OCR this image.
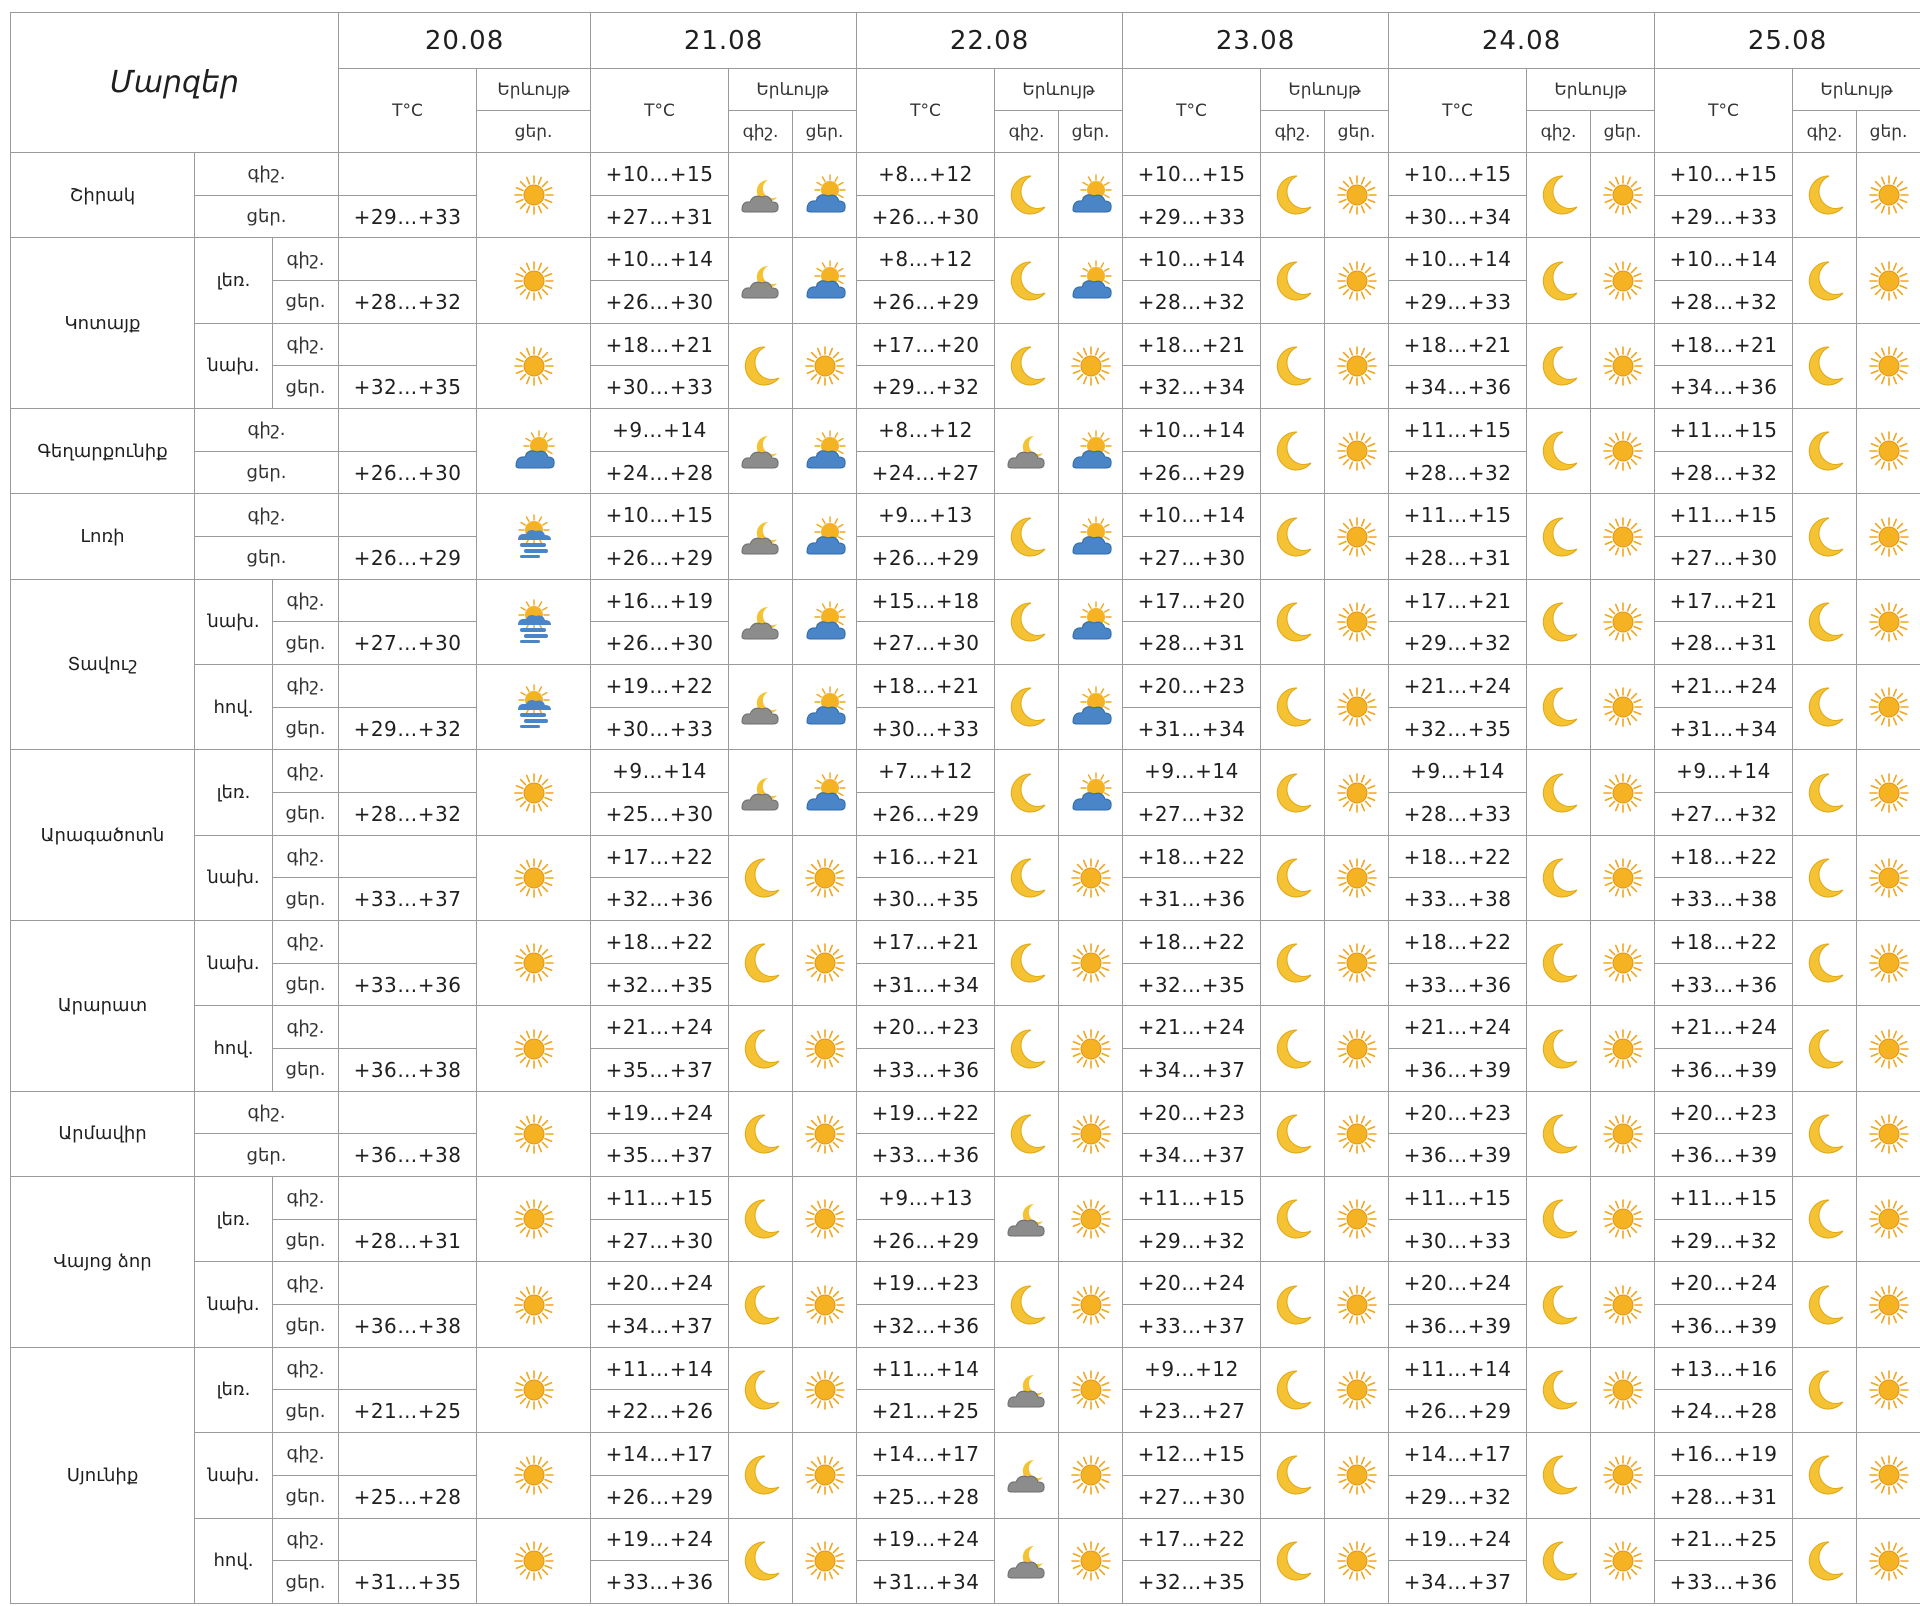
Մարզեր			20.08		21.08			22.08			23.08			24.08			25.08		
			T°C	Երևույթ	T°C	Երևույթ		T°C	Երևույթ		T°C	Երևույթ		T°C	Երևույթ		T°C	Երևույթ	
				ցեր.		գիշ.	ցեր.		գիշ.	ցեր.		գիշ.	ցեր.		գիշ.	ցեր.		գիշ.	ցեր.
Շիրակ	գիշ.				+10…+15			+8…+12			+10…+15			+10…+15			+10…+15	

	ցեր.		+29…+33		+27…+31			+26…+30			+29…+33			+30…+34			+29…+33		
Կոտայք	լեռ.	գիշ.			+10…+14			+8…+12			+10…+14			+10…+14			+10…+14	

		ցեր.	+28…+32		+26…+30			+26…+29			+28…+32			+29…+33			+28…+32		
	նախ.	գիշ.			+18…+21			+17…+20			+18…+21			+18…+21			+18…+21	

		ցեր.	+32…+35		+30…+33			+29…+32			+32…+34			+34…+36			+34…+36		
Գեղարքունիք	գիշ.				+9…+14			+8…+12			+10…+14			+11…+15			+11…+15	

	ցեր.		+26…+30		+24…+28			+24…+27			+26…+29			+28…+32			+28…+32		
Լոռի	գիշ.				+10…+15			+9…+13			+10…+14			+11…+15			+11…+15	

	ցեր.		+26…+29		+26…+29			+26…+29			+27…+30			+28…+31			+27…+30		
Տավուշ	նախ.	գիշ.			+16…+19			+15…+18			+17…+20			+17…+21			+17…+21	

		ցեր.	+27…+30		+26…+30			+27…+30			+28…+31			+29…+32			+28…+31		
	հով.	գիշ.			+19…+22			+18…+21			+20…+23			+21…+24			+21…+24	

		ցեր.	+29…+32		+30…+33			+30…+33			+31…+34			+32…+35			+31…+34		
Արագածոտն	լեռ.	գիշ.			+9…+14			+7…+12			+9…+14			+9…+14			+9…+14	

		ցեր.	+28…+32		+25…+30			+26…+29			+27…+32			+28…+33			+27…+32		
	նախ.	գիշ.			+17…+22			+16…+21			+18…+22			+18…+22			+18…+22	

		ցեր.	+33…+37		+32…+36			+30…+35			+31…+36			+33…+38			+33…+38		
Արարատ	նախ.	գիշ.			+18…+22			+17…+21			+18…+22			+18…+22			+18…+22	

		ցեր.	+33…+36		+32…+35			+31…+34			+32…+35			+33…+36			+33…+36		
	հով.	գիշ.			+21…+24			+20…+23			+21…+24			+21…+24			+21…+24	

		ցեր.	+36…+38		+35…+37			+33…+36			+34…+37			+36…+39			+36…+39		
Արմավիր	գիշ.				+19…+24			+19…+22			+20…+23			+20…+23			+20…+23	

	ցեր.		+36…+38		+35…+37			+33…+36			+34…+37			+36…+39			+36…+39		
Վայոց ձոր	լեռ.	գիշ.			+11…+15			+9…+13			+11…+15			+11…+15			+11…+15	

		ցեր.	+28…+31		+27…+30			+26…+29			+29…+32			+30…+33			+29…+32		
	նախ.	գիշ.			+20…+24			+19…+23			+20…+24			+20…+24			+20…+24	

		ցեր.	+36…+38		+34…+37			+32…+36			+33…+37			+36…+39			+36…+39		
Սյունիք	լեռ.	գիշ.			+11…+14			+11…+14			+9…+12			+11…+14			+13…+16	

		ցեր.	+21…+25		+22…+26			+21…+25			+23…+27			+26…+29			+24…+28		
	նախ.	գիշ.			+14…+17			+14…+17			+12…+15			+14…+17			+16…+19	

		ցեր.	+25…+28		+26…+29			+25…+28			+27…+30			+29…+32			+28…+31		
	հով.	գիշ.			+19…+24			+19…+24			+17…+22			+19…+24			+21…+25	

		ցեր.	+31…+35		+33…+36			+31…+34			+32…+35			+34…+37			+33…+36		
